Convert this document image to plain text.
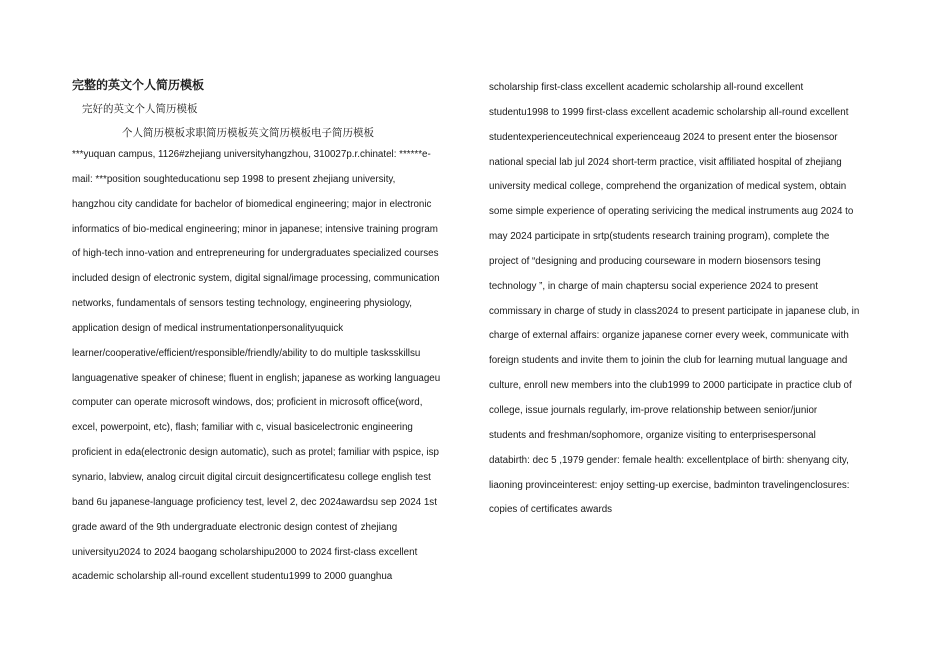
完整的英文个人简历模板
完好的英文个人简历模板
个人简历模板求职简历模板英文简历模板电子简历模板
***yuquan campus, 1126#zhejiang universityhangzhou, 310027p.r.chinatel: ******e-
mail: ***position soughteducationu sep 1998 to present zhejiang university,
hangzhou city candidate for bachelor of biomedical engineering; major in electronic
informatics of bio-medical engineering; minor in japanese; intensive training program
of high-tech inno-vation and entrepreneuring for undergraduates specialized courses
included design of electronic system, digital signal/image processing, communication
networks, fundamentals of sensors testing technology, engineering physiology,
application design of medical instrumentationpersonalityuquick
learner/cooperative/efficient/responsible/friendly/ability to do multiple tasksskillsu
languagenative speaker of chinese; fluent in english; japanese as working languageu
computer can operate microsoft windows, dos; proficient in microsoft office(word,
excel, powerpoint, etc), flash; familiar with c, visual basicelectronic engineering
proficient in eda(electronic design automatic), such as protel; familiar with pspice, isp
synario, labview, analog circuit digital circuit designcertificatesu college english test
band 6u japanese-language proficiency test, level 2, dec 2024awardsu sep 2024 1st
grade award of the 9th undergraduate electronic design contest of zhejiang
universityu2024 to 2024 baogang scholarshipu2000 to 2024 first-class excellent
academic scholarship all-round excellent studentu1999 to 2000 guanghua
scholarship first-class excellent academic scholarship all-round excellent
studentu1998 to 1999 first-class excellent academic scholarship all-round excellent
studentexperienceutechnical experienceaug 2024 to present enter the biosensor
national special lab jul 2024 short-term practice, visit affiliated hospital of zhejiang
university medical college, comprehend the organization of medical system, obtain
some simple experience of operating serivicing the medical instruments aug 2024 to
may 2024 participate in srtp(students research training program), complete the
project of “designing and producing courseware in modern biosensors tesing
technology ”, in charge of main chaptersu social experience 2024 to present
commissary in charge of study in class2024 to present participate in japanese club, in
charge of external affairs: organize japanese corner every week, communicate with
foreign students and invite them to joinin the club for learning mutual language and
culture, enroll new members into the club1999 to 2000 participate in practice club of
college, issue journals regularly, im-prove relationship between senior/junior
students and freshman/sophomore, organize visiting to enterprisespersonal
databirth: dec 5 ,1979 gender: female health: excellentplace of birth: shenyang city,
liaoning provinceinterest: enjoy setting-up exercise, badminton travelingenclosures:
copies of certificates awards
